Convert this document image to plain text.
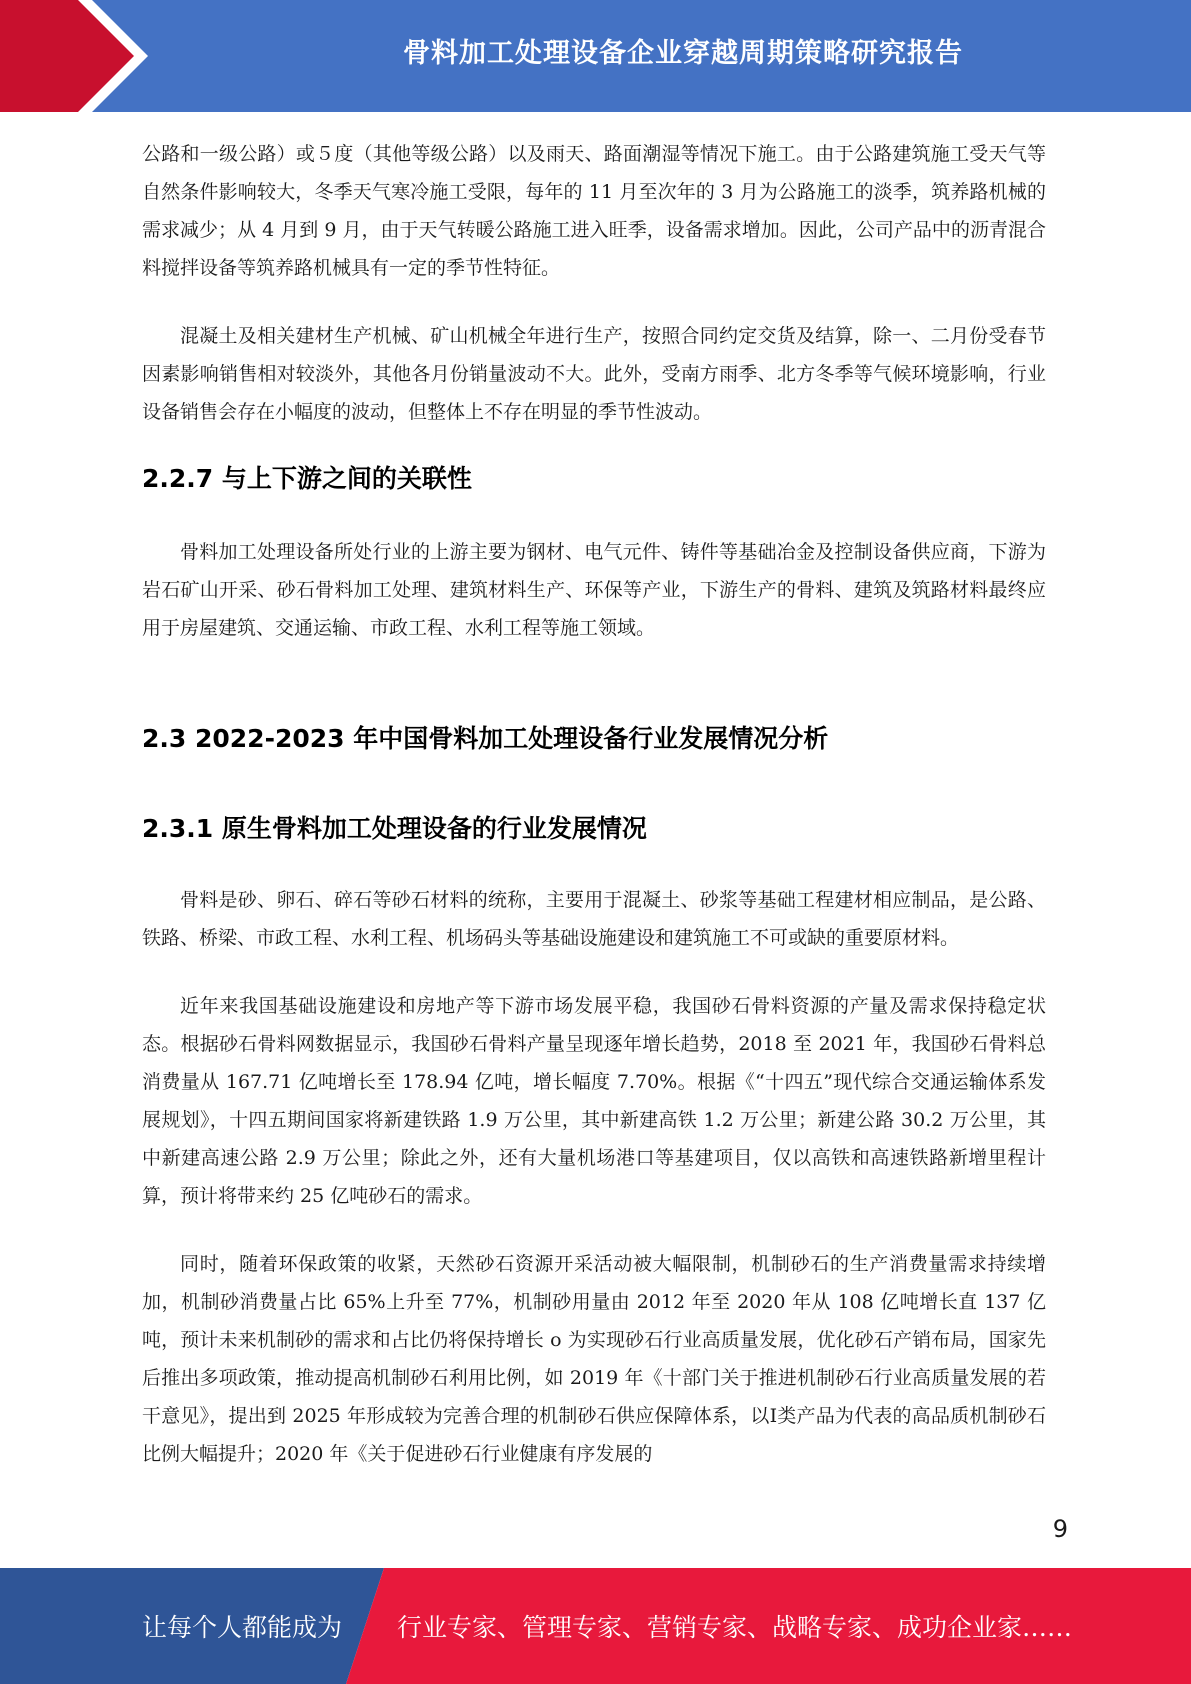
骨料加工处理设备企业穿越周期策略研究报告

公路和一级公路）或５度（其他等级公路）以及雨天、路面潮湿等情况下施工。由于公路建筑施工受天气等自然条件影响较大，冬季天气寒冷施工受限，每年的 11 月至次年的 3 月为公路施工的淡季，筑养路机械的需求减少；从 4 月到 9 月，由于天气转暖公路施工进入旺季，设备需求增加。因此，公司产品中的沥青混合料搅拌设备等筑养路机械具有一定的季节性特征。

混凝土及相关建材生产机械、矿山机械全年进行生产，按照合同约定交货及结算，除一、二月份受春节因素影响销售相对较淡外，其他各月份销量波动不大。此外，受南方雨季、北方冬季等气候环境影响，行业设备销售会存在小幅度的波动，但整体上不存在明显的季节性波动。

2.2.7 与上下游之间的关联性

骨料加工处理设备所处行业的上游主要为钢材、电气元件、铸件等基础冶金及控制设备供应商，下游为岩石矿山开采、砂石骨料加工处理、建筑材料生产、环保等产业，下游生产的骨料、建筑及筑路材料最终应用于房屋建筑、交通运输、市政工程、水利工程等施工领域。

2.3 2022-2023 年中国骨料加工处理设备行业发展情况分析
2.3.1 原生骨料加工处理设备的行业发展情况

骨料是砂、卵石、碎石等砂石材料的统称，主要用于混凝土、砂浆等基础工程建材相应制品，是公路、铁路、桥梁、市政工程、水利工程、机场码头等基础设施建设和建筑施工不可或缺的重要原材料。

近年来我国基础设施建设和房地产等下游市场发展平稳，我国砂石骨料资源的产量及需求保持稳定状态。根据砂石骨料网数据显示，我国砂石骨料产量呈现逐年增长趋势，2018 至 2021 年，我国砂石骨料总消费量从 167.71 亿吨增长至 178.94 亿吨，增长幅度 7.70%。根据《“十四五”现代综合交通运输体系发展规划》，十四五期间国家将新建铁路 1.9 万公里，其中新建高铁 1.2 万公里；新建公路 30.2 万公里，其中新建高速公路 2.9 万公里；除此之外，还有大量机场港口等基建项目，仅以高铁和高速铁路新增里程计算，预计将带来约 25 亿吨砂石的需求。

同时，随着环保政策的收紧，天然砂石资源开采活动被大幅限制，机制砂石的生产消费量需求持续增加，机制砂消费量占比 65%上升至 77%，机制砂用量由 2012 年至 2020 年从 108 亿吨增长直 137 亿吨，预计未来机制砂的需求和占比仍将保持增长 o 为实现砂石行业高质量发展，优化砂石产销布局，国家先后推出多项政策，推动提高机制砂石利用比例，如 2019 年《十部门关于推进机制砂石行业高质量发展的若干意见》，提出到 2025 年形成较为完善合理的机制砂石供应保障体系，以Ⅰ类产品为代表的高品质机制砂石比例大幅提升；2020 年《关于促进砂石行业健康有序发展的

9
让每个人都能成为 行业专家、管理专家、营销专家、战略专家、成功企业家……
